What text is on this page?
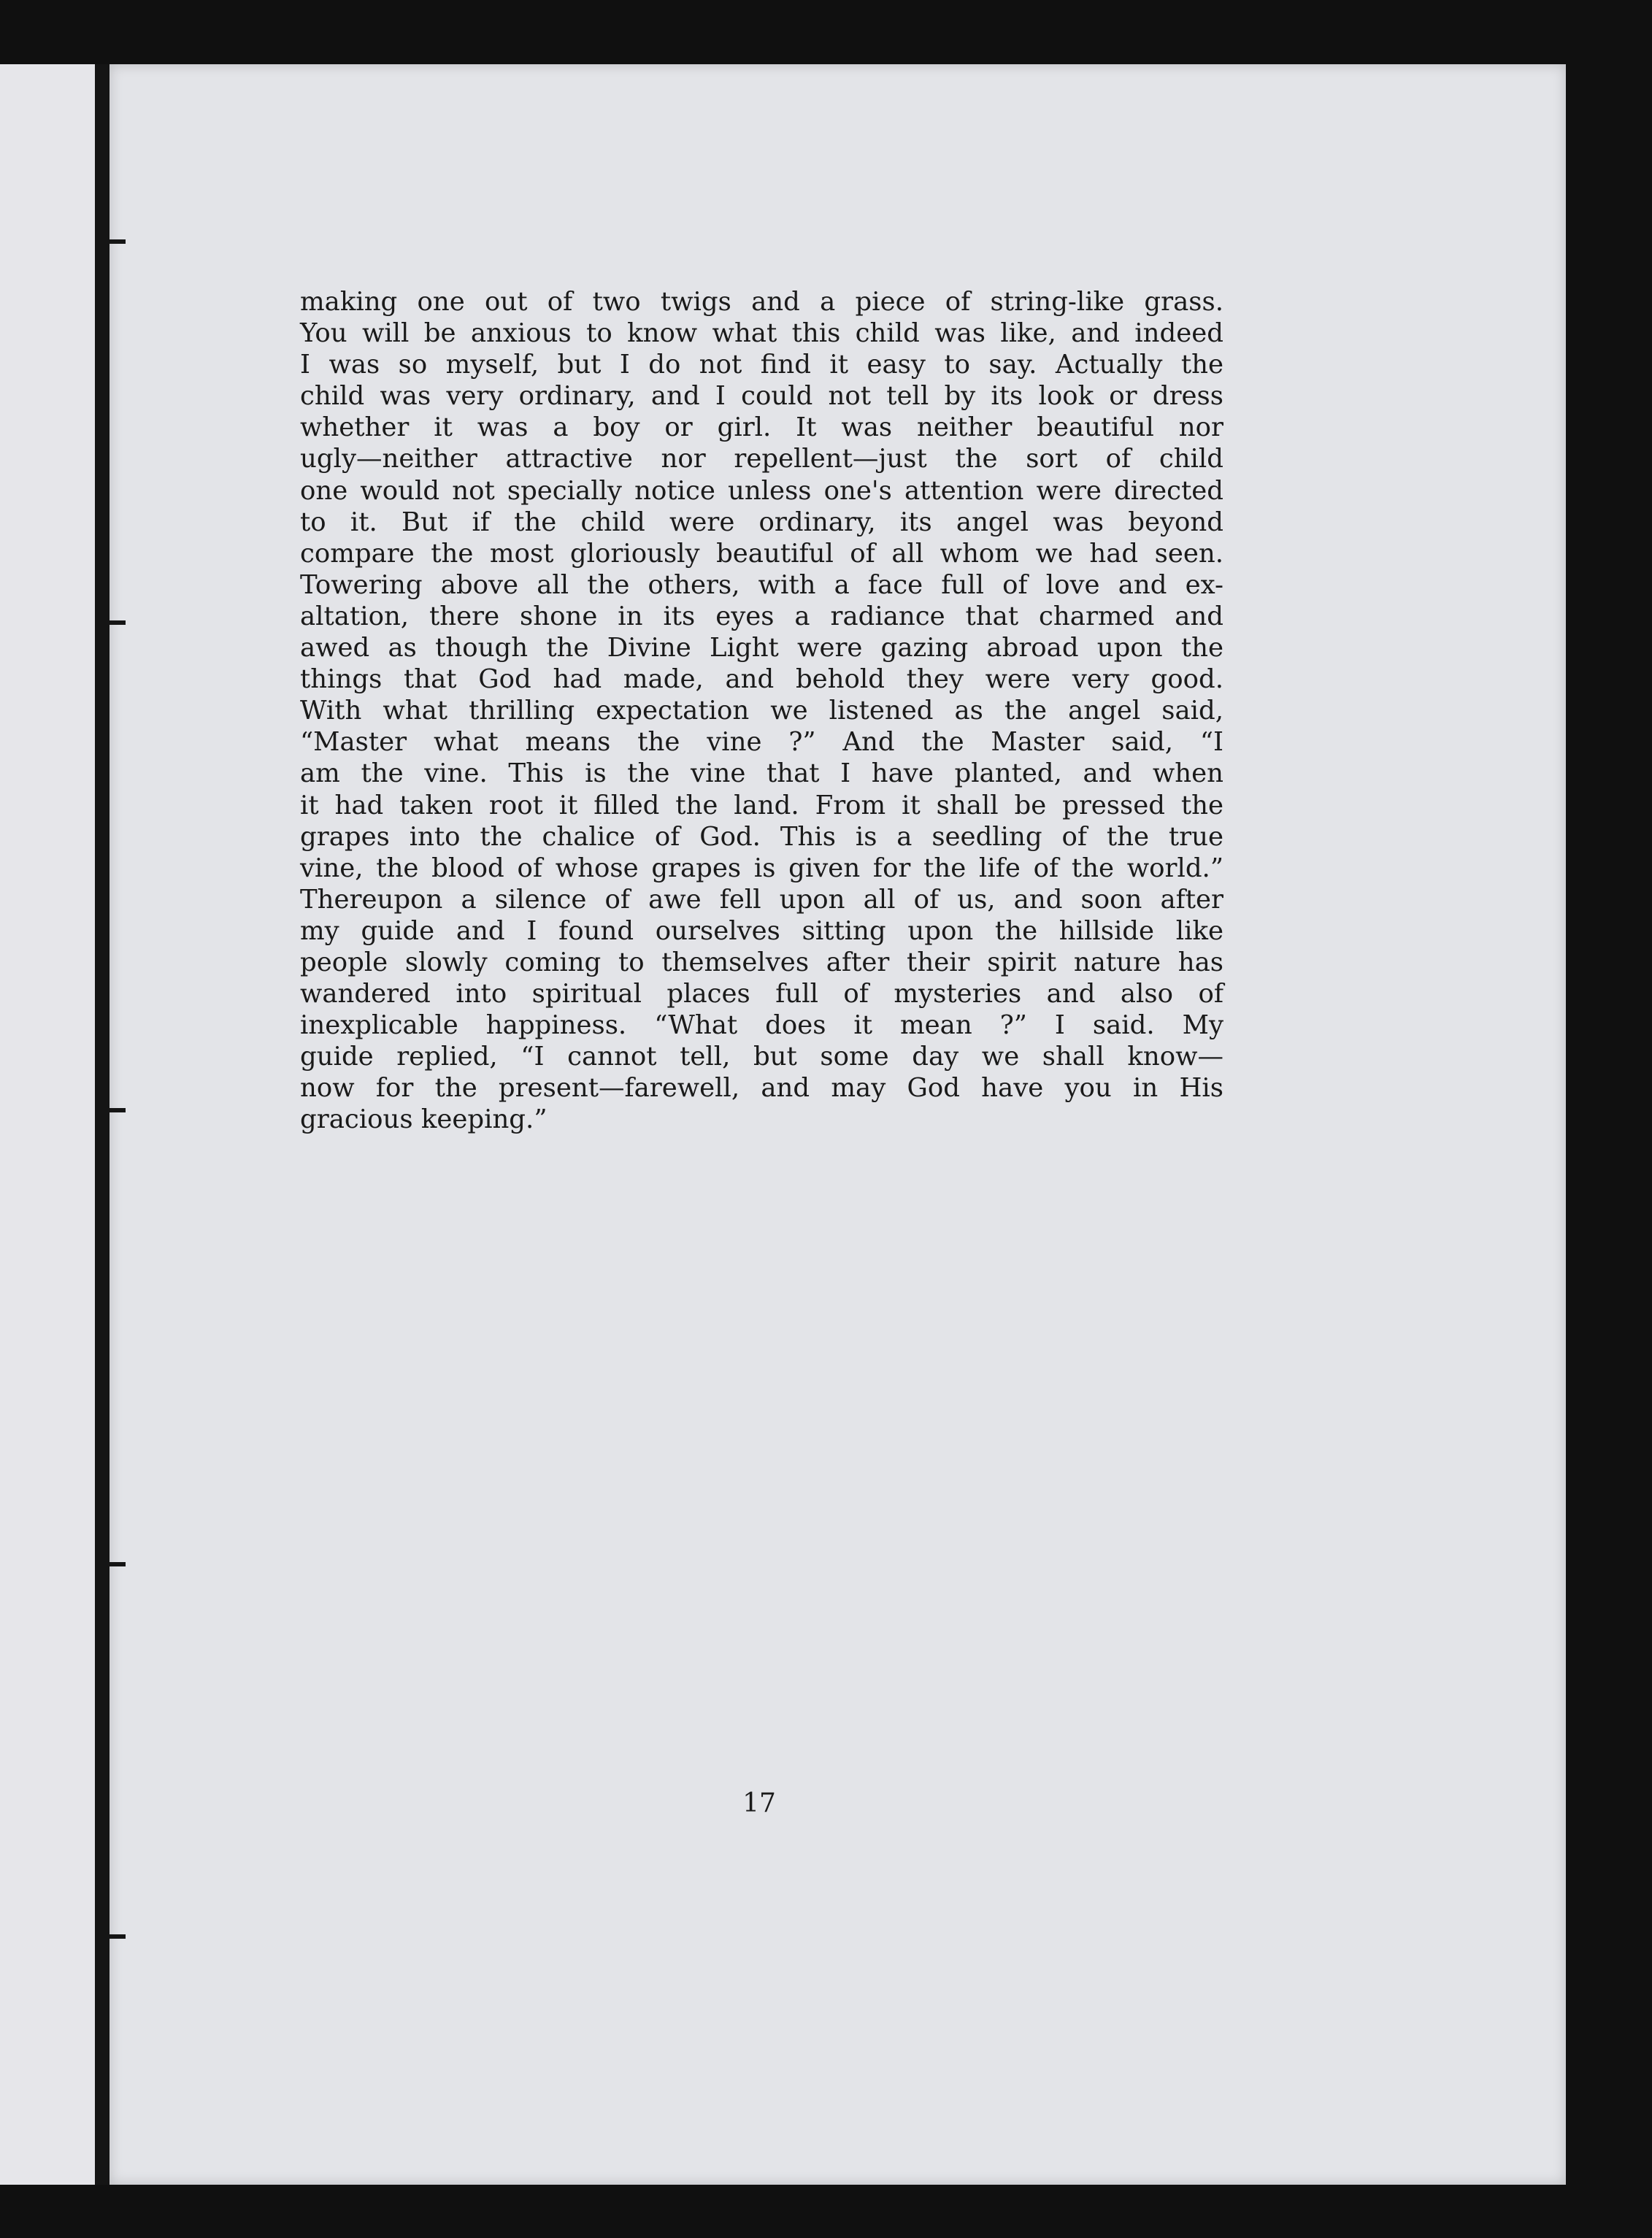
making one out of two twigs and a piece of string-like grass.
You will be anxious to know what this child was like, and indeed
I was so myself, but I do not find it easy to say. Actually the
child was very ordinary, and I could not tell by its look or dress
whether it was a boy or girl. It was neither beautiful nor
ugly—neither attractive nor repellent—just the sort of child
one would not specially notice unless one's attention were directed
to it. But if the child were ordinary, its angel was beyond
compare the most gloriously beautiful of all whom we had seen.
Towering above all the others, with a face full of love and ex-
altation, there shone in its eyes a radiance that charmed and
awed as though the Divine Light were gazing abroad upon the
things that God had made, and behold they were very good.
With what thrilling expectation we listened as the angel said,
“Master what means the vine ?” And the Master said, “I
am the vine. This is the vine that I have planted, and when
it had taken root it filled the land. From it shall be pressed the
grapes into the chalice of God. This is a seedling of the true
vine, the blood of whose grapes is given for the life of the world.”
Thereupon a silence of awe fell upon all of us, and soon after
my guide and I found ourselves sitting upon the hillside like
people slowly coming to themselves after their spirit nature has
wandered into spiritual places full of mysteries and also of
inexplicable happiness. “What does it mean ?” I said. My
guide replied, “I cannot tell, but some day we shall know—
now for the present—farewell, and may God have you in His
gracious keeping.”
17
